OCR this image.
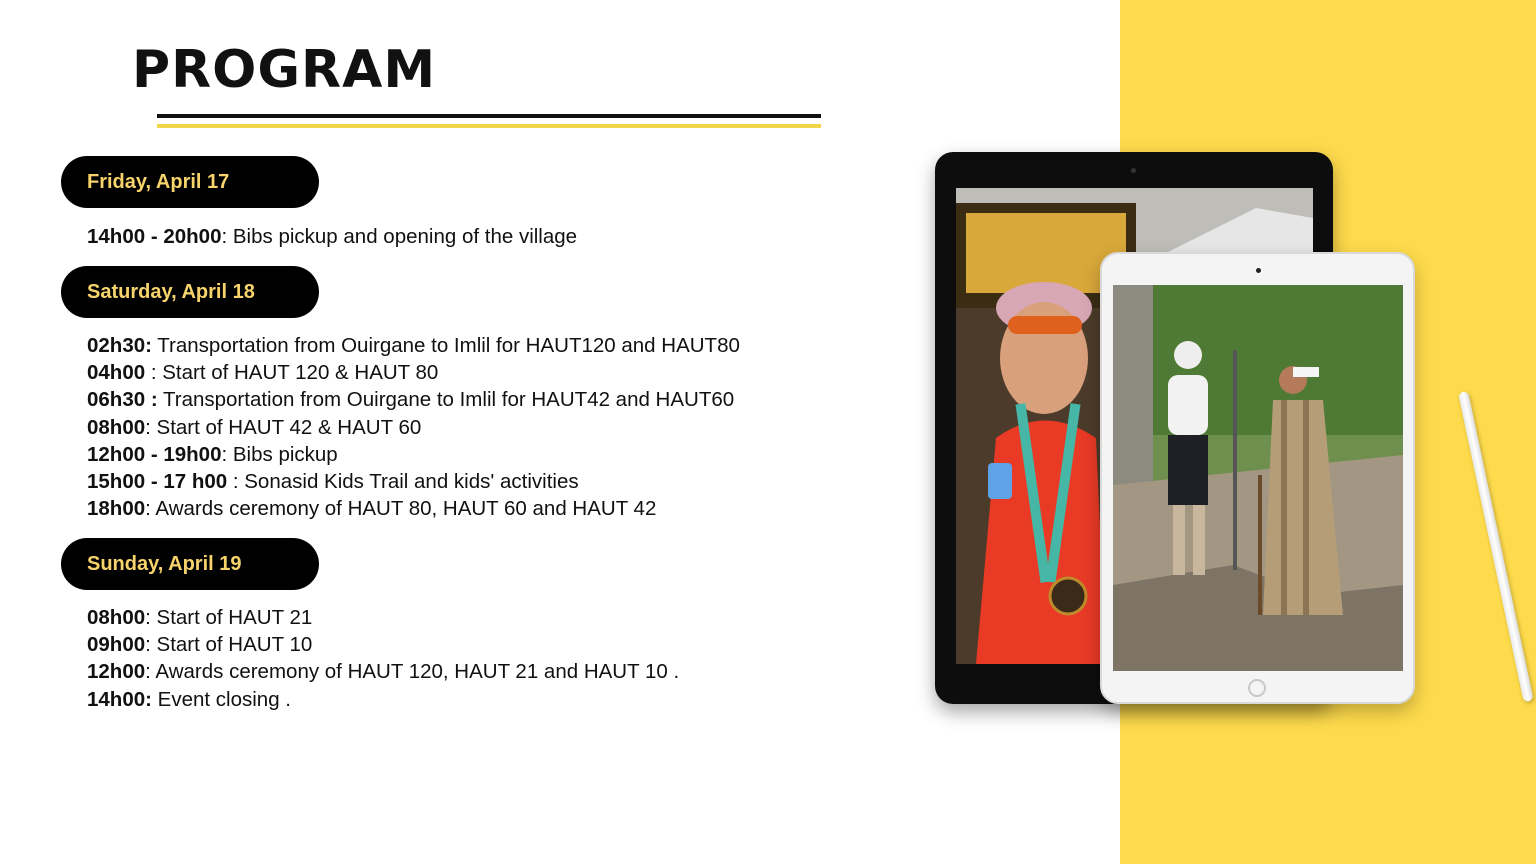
PROGRAM
Friday, April 17
14h00 - 20h00: Bibs pickup and opening of the village
Saturday, April 18
02h30: Transportation from Ouirgane to Imlil for HAUT120 and HAUT80
04h00 : Start of HAUT 120 & HAUT 80
06h30 : Transportation from Ouirgane to Imlil for HAUT42 and HAUT60
08h00: Start of HAUT 42 & HAUT 60
12h00 - 19h00: Bibs pickup
15h00 - 17 h00 : Sonasid Kids Trail and kids' activities
18h00: Awards ceremony of HAUT 80, HAUT 60 and HAUT 42
Sunday, April 19
08h00: Start of HAUT 21
09h00: Start of HAUT 10
12h00: Awards ceremony of HAUT 120, HAUT 21 and HAUT 10 .
14h00: Event closing .
